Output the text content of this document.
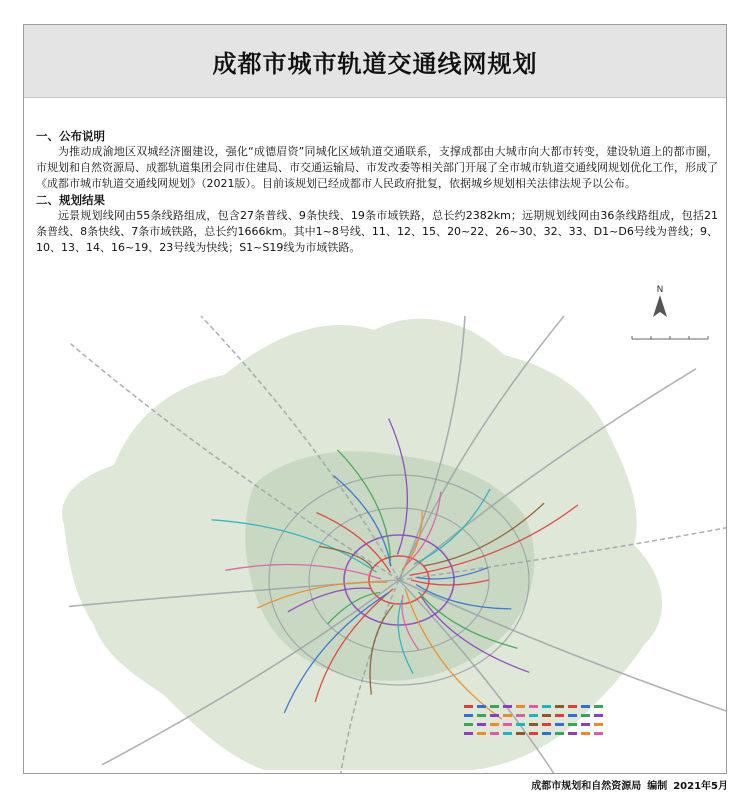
成都市城市轨道交通线网规划
一、公布说明
为推动成渝地区双城经济圈建设，强化“成德眉资”同城化区域轨道交通联系，支撑成都由大城市向大都市转变，建设轨道上的都市圈，市规划和自然资源局、成都轨道集团会同市住建局、市交通运输局、市发改委等相关部门开展了全市城市轨道交通线网规划优化工作，形成了《成都市城市轨道交通线网规划》（2021版）。目前该规划已经成都市人民政府批复，依据城乡规划相关法律法规予以公布。
二、规划结果
远景规划线网由55条线路组成，包含27条普线、9条快线、19条市域铁路，总长约2382km；远期规划线网由36条线路组成，包括21条普线、8条快线、7条市域铁路，总长约1666km。其中1~8号线、11、12、15、20~22、26~30、32、33、D1~D6号线为普线；9、10、13、14、16~19、23号线为快线；S1~S19线为市域铁路。
N
成都市规划和自然资源局 编制 2021年5月
